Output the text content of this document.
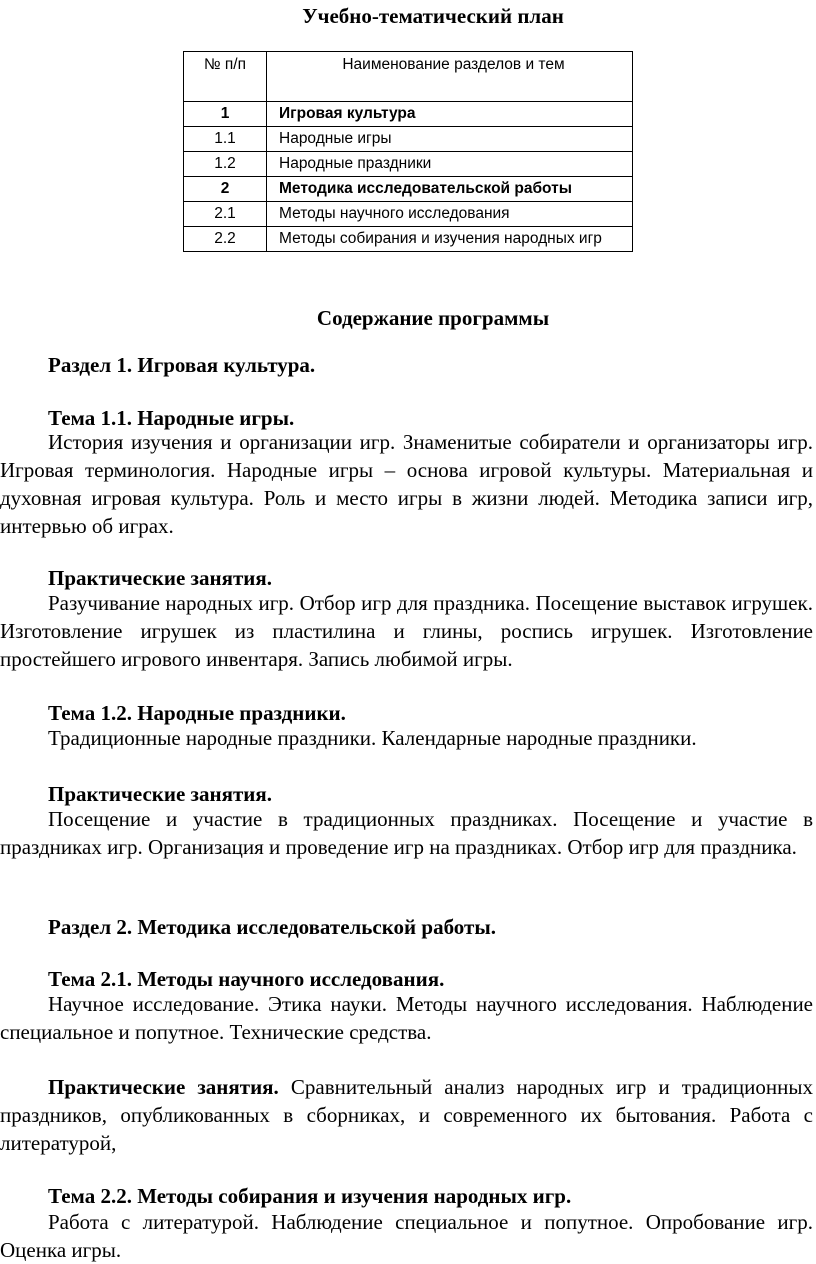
Учебно-тематический план
№ п/п	Наименование разделов и тем
1	Игровая культура
1.1	Народные игры
1.2	Народные праздники
2	Методика исследовательской работы
2.1	Методы научного исследования
2.2	Методы собирания и изучения народных игр
Содержание программы
Раздел 1. Игровая культура.
Тема 1.1. Народные игры.
История изучения и организации игр. Знаменитые собиратели и организаторы игр. Игровая терминология. Народные игры – основа игровой культуры. Материальная и духовная игровая культура. Роль и место игры в жизни людей. Методика записи игр, интервью об играх.
Практические занятия.
Разучивание народных игр. Отбор игр для праздника. Посещение выставок игрушек. Изготовление игрушек из пластилина и глины, роспись игрушек. Изготовление простейшего игрового инвентаря. Запись любимой игры.
Тема 1.2. Народные праздники.
Традиционные народные праздники. Календарные народные праздники.
Практические занятия.
Посещение и участие в традиционных праздниках. Посещение и участие в праздниках игр. Организация и проведение игр на праздниках. Отбор игр для праздника.
Раздел 2. Методика исследовательской работы.
Тема 2.1. Методы научного исследования.
Научное исследование. Этика науки. Методы научного исследования. Наблюдение специальное и попутное. Технические средства.
Практические занятия. Сравнительный анализ народных игр и традиционных праздников, опубликованных в сборниках, и современного их бытования. Работа с литературой,
Тема 2.2. Методы собирания и изучения народных игр.
Работа с литературой. Наблюдение специальное и попутное. Опробование игр. Оценка игры.
